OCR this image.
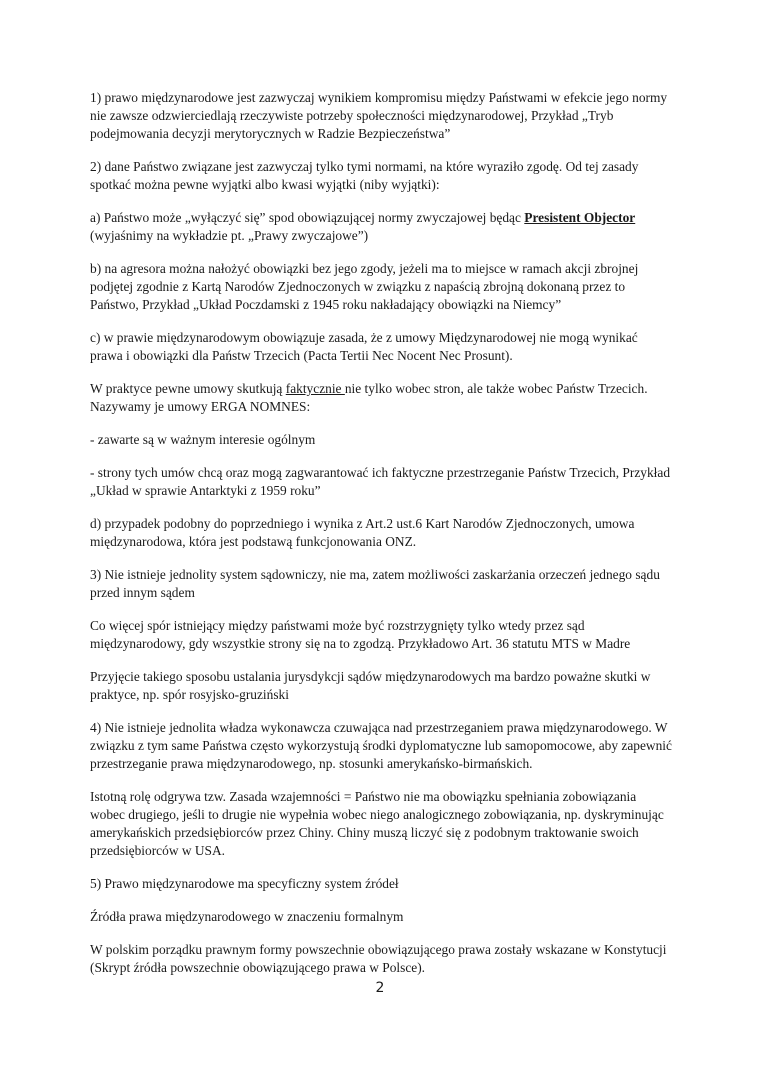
1) prawo międzynarodowe jest zazwyczaj wynikiem kompromisu między Państwami w efekcie jego normy nie zawsze odzwierciedlają rzeczywiste potrzeby społeczności międzynarodowej, Przykład „Tryb podejmowania decyzji merytorycznych w Radzie Bezpieczeństwa”

2) dane Państwo związane jest zazwyczaj tylko tymi normami, na które wyraziło zgodę. Od tej zasady spotkać można pewne wyjątki albo kwasi wyjątki (niby wyjątki):

a) Państwo może „wyłączyć się” spod obowiązującej normy zwyczajowej będąc Presistent Objector (wyjaśnimy na wykładzie pt. „Prawy zwyczajowe”)

b) na agresora można nałożyć obowiązki bez jego zgody, jeżeli ma to miejsce w ramach akcji zbrojnej podjętej zgodnie z Kartą Narodów Zjednoczonych w związku z napaścią zbrojną dokonaną przez to Państwo, Przykład „Układ Poczdamski z 1945 roku nakładający obowiązki na Niemcy”

c) w prawie międzynarodowym obowiązuje zasada, że z umowy Międzynarodowej nie mogą wynikać prawa i obowiązki dla Państw Trzecich (Pacta Tertii Nec Nocent Nec Prosunt).

W praktyce pewne umowy skutkują faktycznie nie tylko wobec stron, ale także wobec Państw Trzecich. Nazywamy je umowy ERGA NOMNES:

- zawarte są w ważnym interesie ogólnym

- strony tych umów chcą oraz mogą zagwarantować ich faktyczne przestrzeganie Państw Trzecich, Przykład „Układ w sprawie Antarktyki z 1959 roku”

d) przypadek podobny do poprzedniego i wynika z Art.2 ust.6 Kart Narodów Zjednoczonych, umowa międzynarodowa, która jest podstawą funkcjonowania ONZ.

3) Nie istnieje jednolity system sądowniczy, nie ma, zatem możliwości zaskarżania orzeczeń jednego sądu przed innym sądem

Co więcej spór istniejący między państwami może być rozstrzygnięty tylko wtedy przez sąd międzynarodowy, gdy wszystkie strony się na to zgodzą. Przykładowo Art. 36 statutu MTS w Madre

Przyjęcie takiego sposobu ustalania jurysdykcji sądów międzynarodowych ma bardzo poważne skutki w praktyce, np. spór rosyjsko-gruziński

4) Nie istnieje jednolita władza wykonawcza czuwająca nad przestrzeganiem prawa międzynarodowego. W związku z tym same Państwa często wykorzystują środki dyplomatyczne lub samopomocowe, aby zapewnić przestrzeganie prawa międzynarodowego, np. stosunki amerykańsko-birmańskich.

Istotną rolę odgrywa tzw. Zasada wzajemności = Państwo nie ma obowiązku spełniania zobowiązania wobec drugiego, jeśli to drugie nie wypełnia wobec niego analogicznego zobowiązania, np. dyskryminując amerykańskich przedsiębiorców przez Chiny. Chiny muszą liczyć się z podobnym traktowanie swoich przedsiębiorców w USA.

5) Prawo międzynarodowe ma specyficzny system źródeł

Źródła prawa międzynarodowego w znaczeniu formalnym

W polskim porządku prawnym formy powszechnie obowiązującego prawa zostały wskazane w Konstytucji (Skrypt źródła powszechnie obowiązującego prawa w Polsce).

2
